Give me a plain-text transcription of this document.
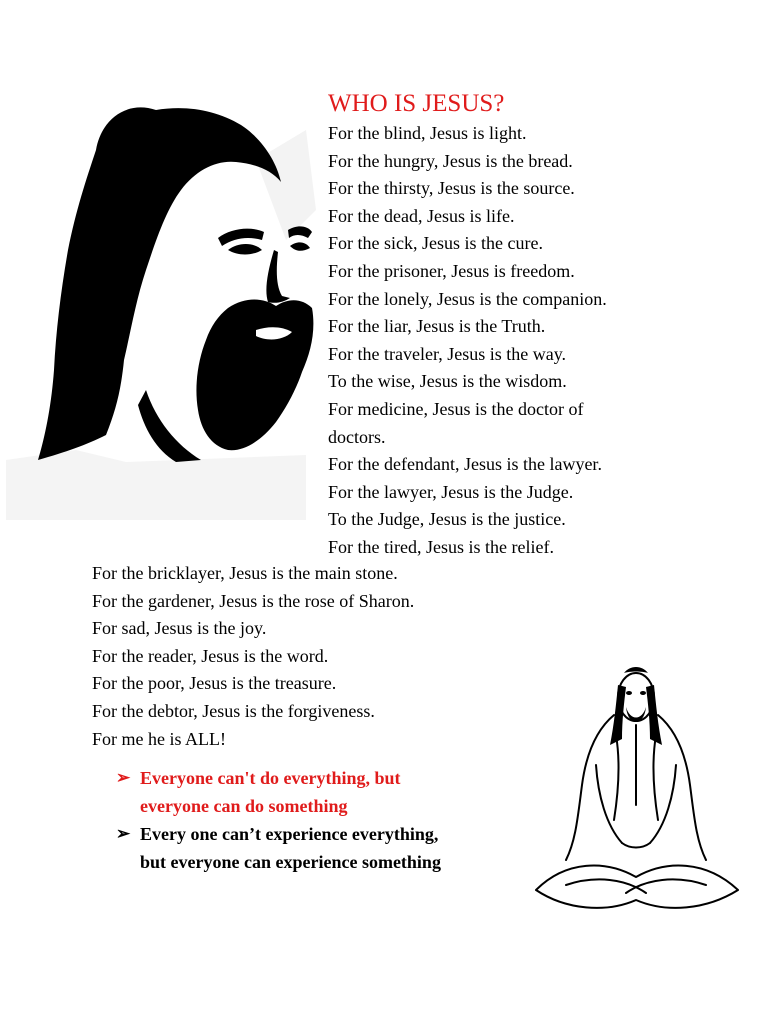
WHO IS JESUS?
For the blind, Jesus is light.
For the hungry, Jesus is the bread.
For the thirsty, Jesus is the source.
For the dead, Jesus is life.
For the sick, Jesus is the cure.
For the prisoner, Jesus is freedom.
For the lonely, Jesus is the companion.
For the liar, Jesus is the Truth.
For the traveler, Jesus is the way.
To the wise, Jesus is the wisdom.
For medicine, Jesus is the doctor of
doctors.
For the defendant, Jesus is the lawyer.
For the lawyer, Jesus is the Judge.
To the Judge, Jesus is the justice.
For the tired, Jesus is the relief.
For the bricklayer, Jesus is the main stone.
For the gardener, Jesus is the rose of Sharon.
For sad, Jesus is the joy.
For the reader, Jesus is the word.
For the poor, Jesus is the treasure.
For the debtor, Jesus is the forgiveness.
For me he is ALL!
➢ Everyone can't do everything, but
everyone can do something
➢ Every one can’t experience everything,
but everyone can experience something
